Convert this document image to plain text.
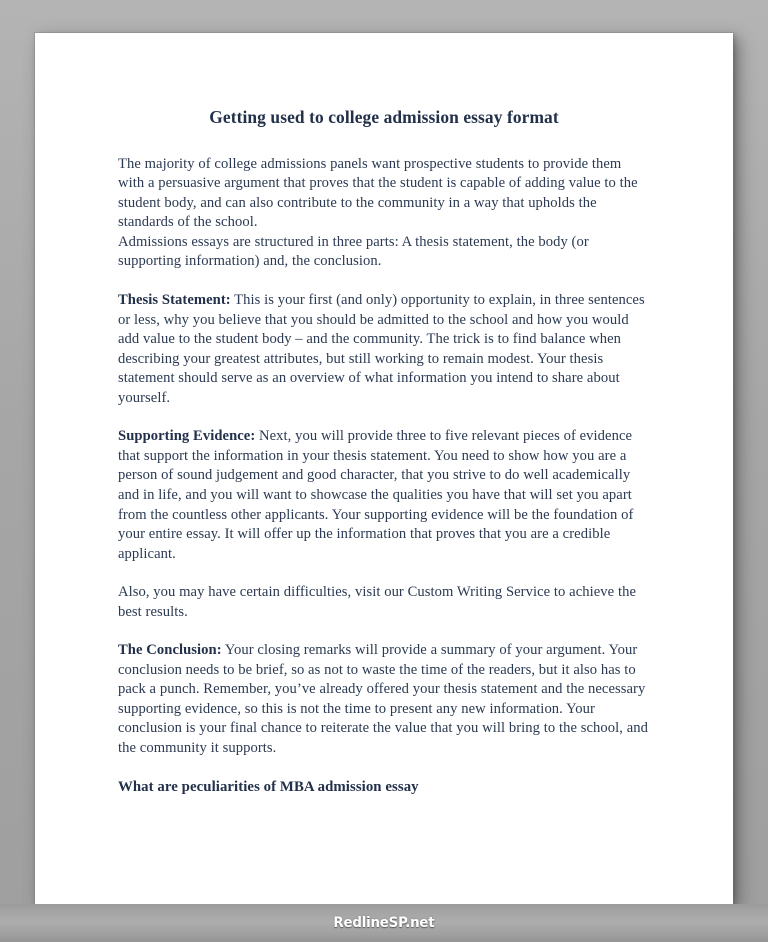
Getting used to college admission essay format

The majority of college admissions panels want prospective students to provide them with a persuasive argument that proves that the student is capable of adding value to the student body, and can also contribute to the community in a way that upholds the standards of the school.

Admissions essays are structured in three parts: A thesis statement, the body (or supporting information) and, the conclusion.

Thesis Statement: This is your first (and only) opportunity to explain, in three sentences or less, why you believe that you should be admitted to the school and how you would add value to the student body – and the community. The trick is to find balance when describing your greatest attributes, but still working to remain modest. Your thesis statement should serve as an overview of what information you intend to share about yourself.

Supporting Evidence: Next, you will provide three to five relevant pieces of evidence that support the information in your thesis statement. You need to show how you are a person of sound judgement and good character, that you strive to do well academically and in life, and you will want to showcase the qualities you have that will set you apart from the countless other applicants. Your supporting evidence will be the foundation of your entire essay. It will offer up the information that proves that you are a credible applicant.

Also, you may have certain difficulties, visit our Custom Writing Service to achieve the best results.

The Conclusion: Your closing remarks will provide a summary of your argument. Your conclusion needs to be brief, so as not to waste the time of the readers, but it also has to pack a punch. Remember, you’ve already offered your thesis statement and the necessary supporting evidence, so this is not the time to present any new information. Your conclusion is your final chance to reiterate the value that you will bring to the school, and the community it supports.

What are peculiarities of MBA admission essay

RedlineSP.net
